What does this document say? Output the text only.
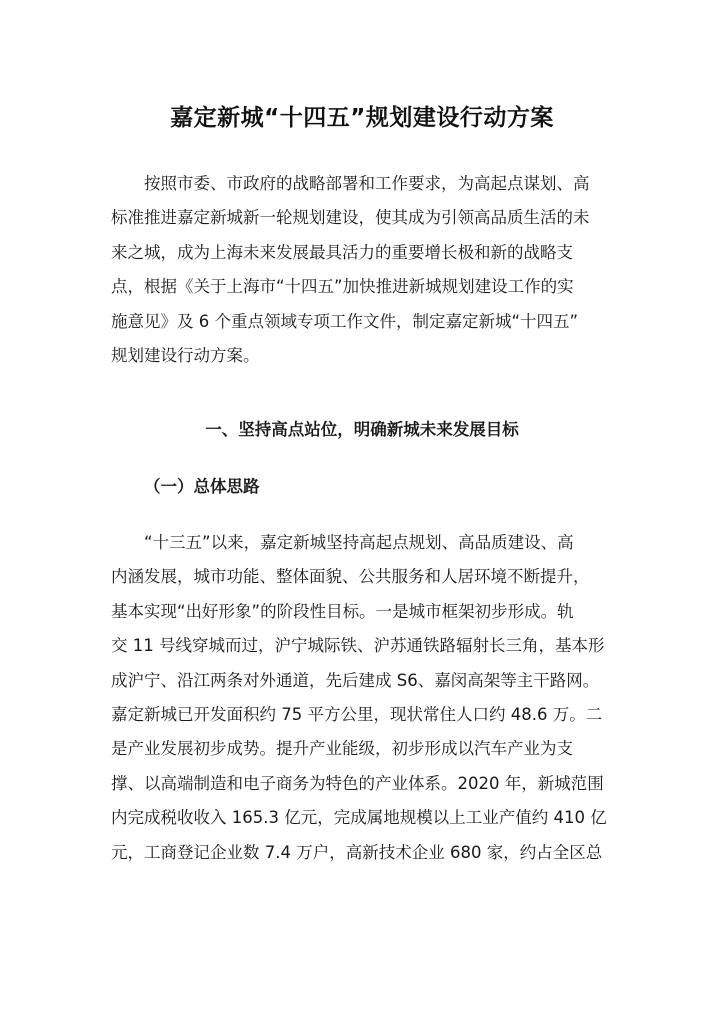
嘉定新城“十四五”规划建设行动方案
按照市委、市政府的战略部署和工作要求，为高起点谋划、高
标准推进嘉定新城新一轮规划建设，使其成为引领高品质生活的未
来之城，成为上海未来发展最具活力的重要增长极和新的战略支
点，根据《关于上海市“十四五”加快推进新城规划建设工作的实
施意见》及 6 个重点领域专项工作文件，制定嘉定新城“十四五”
规划建设行动方案。
一、坚持高点站位，明确新城未来发展目标
（一）总体思路
“十三五”以来，嘉定新城坚持高起点规划、高品质建设、高
内涵发展，城市功能、整体面貌、公共服务和人居环境不断提升，
基本实现“出好形象”的阶段性目标。一是城市框架初步形成。轨
交 11 号线穿城而过，沪宁城际铁、沪苏通铁路辐射长三角，基本形
成沪宁、沿江两条对外通道，先后建成 S6、嘉闵高架等主干路网。
嘉定新城已开发面积约 75 平方公里，现状常住人口约 48.6 万。二
是产业发展初步成势。提升产业能级，初步形成以汽车产业为支
撑、以高端制造和电子商务为特色的产业体系。2020 年，新城范围
内完成税收收入 165.3 亿元，完成属地规模以上工业产值约 410 亿
元，工商登记企业数 7.4 万户，高新技术企业 680 家，约占全区总
